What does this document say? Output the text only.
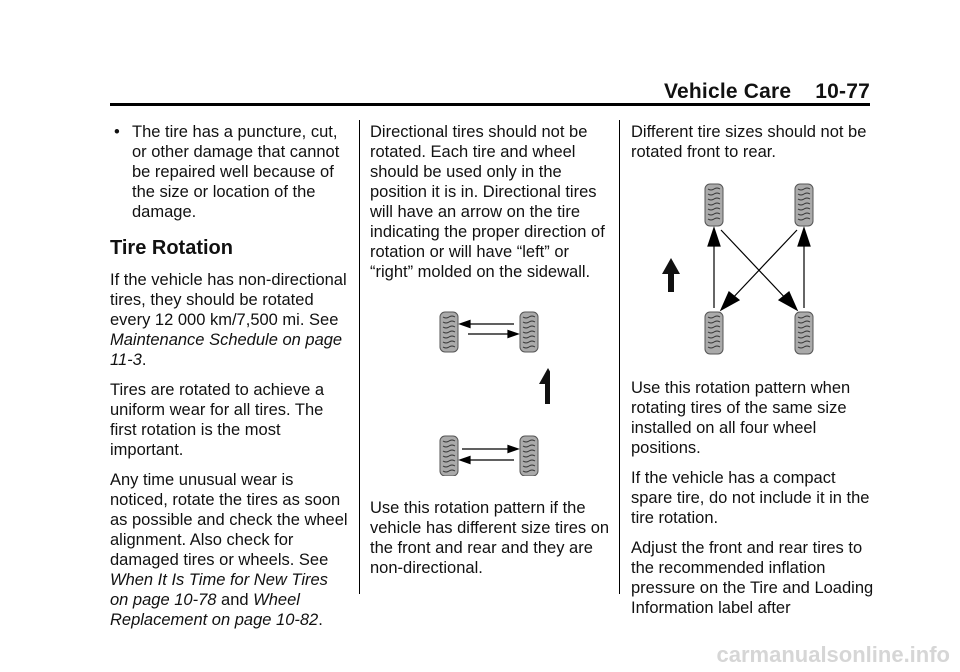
Vehicle Care 10-77
• The tire has a puncture, cut, or other damage that cannot be repaired well because of the size or location of the damage.
Tire Rotation

If the vehicle has non-directional tires, they should be rotated every 12 000 km/7,500 mi. See Maintenance Schedule on page 11-3.

Tires are rotated to achieve a uniform wear for all tires. The first rotation is the most important.

Any time unusual wear is noticed, rotate the tires as soon as possible and check the wheel alignment. Also check for damaged tires or wheels. See When It Is Time for New Tires on page 10-78 and Wheel Replacement on page 10-82.

Directional tires should not be rotated. Each tire and wheel should be used only in the position it is in. Directional tires will have an arrow on the tire indicating the proper direction of rotation or will have “left” or “right” molded on the sidewall.

Use this rotation pattern if the vehicle has different size tires on the front and rear and they are non-directional.

Different tire sizes should not be rotated front to rear.

Use this rotation pattern when rotating tires of the same size installed on all four wheel positions.

If the vehicle has a compact spare tire, do not include it in the tire rotation.

Adjust the front and rear tires to the recommended inflation pressure on the Tire and Loading Information label after

carmanualsonline.info
